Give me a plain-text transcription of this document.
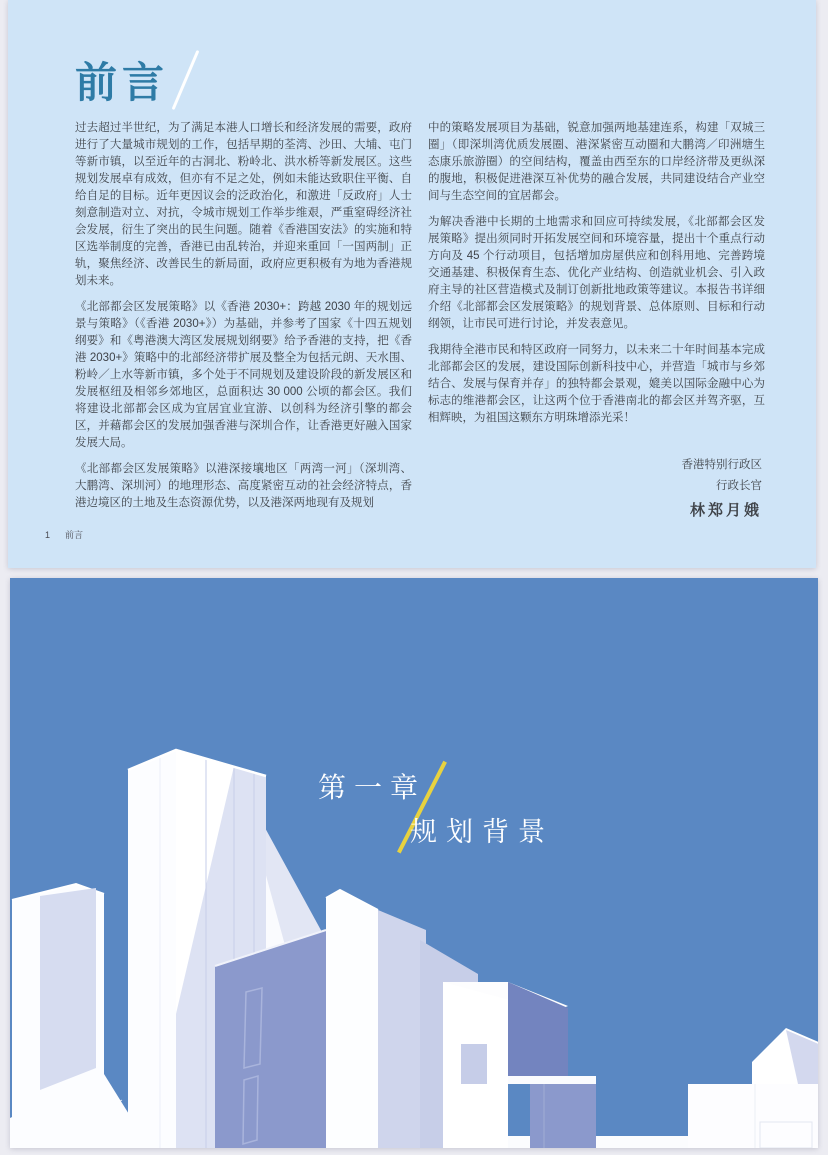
前言

过去超过半世纪，为了满足本港人口增长和经济发展的需要，政府进行了大量城市规划的工作，包括早期的荃湾、沙田、大埔、屯门等新市镇，以至近年的古洞北、粉岭北、洪水桥等新发展区。这些规划发展卓有成效，但亦有不足之处，例如未能达致职住平衡、自给自足的目标。近年更因议会的泛政治化，和激进「反政府」人士刻意制造对立、对抗，令城市规划工作举步维艰，严重窒碍经济社会发展，衍生了突出的民生问题。随着《香港国安法》的实施和特区选举制度的完善，香港已由乱转治，并迎来重回「一国两制」正轨，聚焦经济、改善民生的新局面，政府应更积极有为地为香港规划未来。

《北部都会区发展策略》以《香港 2030+：跨越 2030 年的规划远景与策略》（《香港 2030+》）为基础，并参考了国家《十四五规划纲要》和《粤港澳大湾区发展规划纲要》给予香港的支持，把《香港 2030+》策略中的北部经济带扩展及整全为包括元朗、天水围、粉岭／上水等新市镇，多个处于不同规划及建设阶段的新发展区和发展枢纽及相邻乡郊地区，总面积达 30 000 公顷的都会区。我们将建设北部都会区成为宜居宜业宜游、以创科为经济引擎的都会区，并藉都会区的发展加强香港与深圳合作，让香港更好融入国家发展大局。

《北部都会区发展策略》以港深接壤地区「两湾一河」（深圳湾、大鹏湾、深圳河）的地理形态、高度紧密互动的社会经济特点，香港边境区的土地及生态资源优势，以及港深两地现有及规划

中的策略发展项目为基础，锐意加强两地基建连系，构建「双城三圈」（即深圳湾优质发展圈、港深紧密互动圈和大鹏湾／印洲塘生态康乐旅游圈）的空间结构，覆盖由西至东的口岸经济带及更纵深的腹地，积极促进港深互补优势的融合发展，共同建设结合产业空间与生态空间的宜居都会。

为解决香港中长期的土地需求和回应可持续发展，《北部都会区发展策略》提出须同时开拓发展空间和环境容量，提出十个重点行动方向及 45 个行动项目，包括增加房屋供应和创科用地、完善跨境交通基建、积极保育生态、优化产业结构、创造就业机会、引入政府主导的社区营造模式及制订创新批地政策等建议。本报告书详细介绍《北部都会区发展策略》的规划背景、总体原则、目标和行动纲领，让市民可进行讨论，并发表意见。

我期待全港市民和特区政府一同努力，以未来二十年时间基本完成北部都会区的发展，建设国际创新科技中心，并营造「城市与乡郊结合、发展与保育并存」的独特都会景观，媲美以国际金融中心为标志的维港都会区，让这两个位于香港南北的都会区并驾齐驱，互相辉映，为祖国这颗东方明珠增添光采！

香港特别行政区
行政长官
林郑月娥
1 前言
第一章
规划背景
